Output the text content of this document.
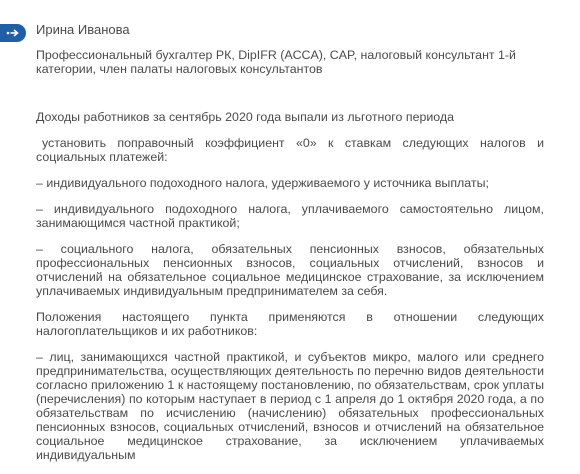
Ирина Иванова

Профессиональный бухгалтер РК, DipIFR (ACCA), CAP, налоговый консультант 1-й категории, член палаты налоговых консультантов

Доходы работников за сентябрь 2020 года выпали из льготного периода

установить поправочный коэффициент «0» к ставкам следующих налогов и социальных платежей:

– индивидуального подоходного налога, удерживаемого у источника выплаты;

– индивидуального подоходного налога, уплачиваемого самостоятельно лицом, занимающимся частной практикой;

– социального налога, обязательных пенсионных взносов, обязательных профессиональных пенсионных взносов, социальных отчислений, взносов и отчислений на обязательное социальное медицинское страхование, за исключением уплачиваемых индивидуальным предпринимателем за себя.

Положения настоящего пункта применяются в отношении следующих налогоплательщиков и их работников:

– лиц, занимающихся частной практикой, и субъектов микро, малого или среднего предпринимательства, осуществляющих деятельность по перечню видов деятельности согласно приложению 1 к настоящему постановлению, по обязательствам, срок уплаты (перечисления) по которым наступает в период с 1 апреля до 1 октября 2020 года, а по обязательствам по исчислению (начислению) обязательных профессиональных пенсионных взносов, социальных отчислений, взносов и отчислений на обязательное социальное медицинское страхование, за исключением уплачиваемых индивидуальным
